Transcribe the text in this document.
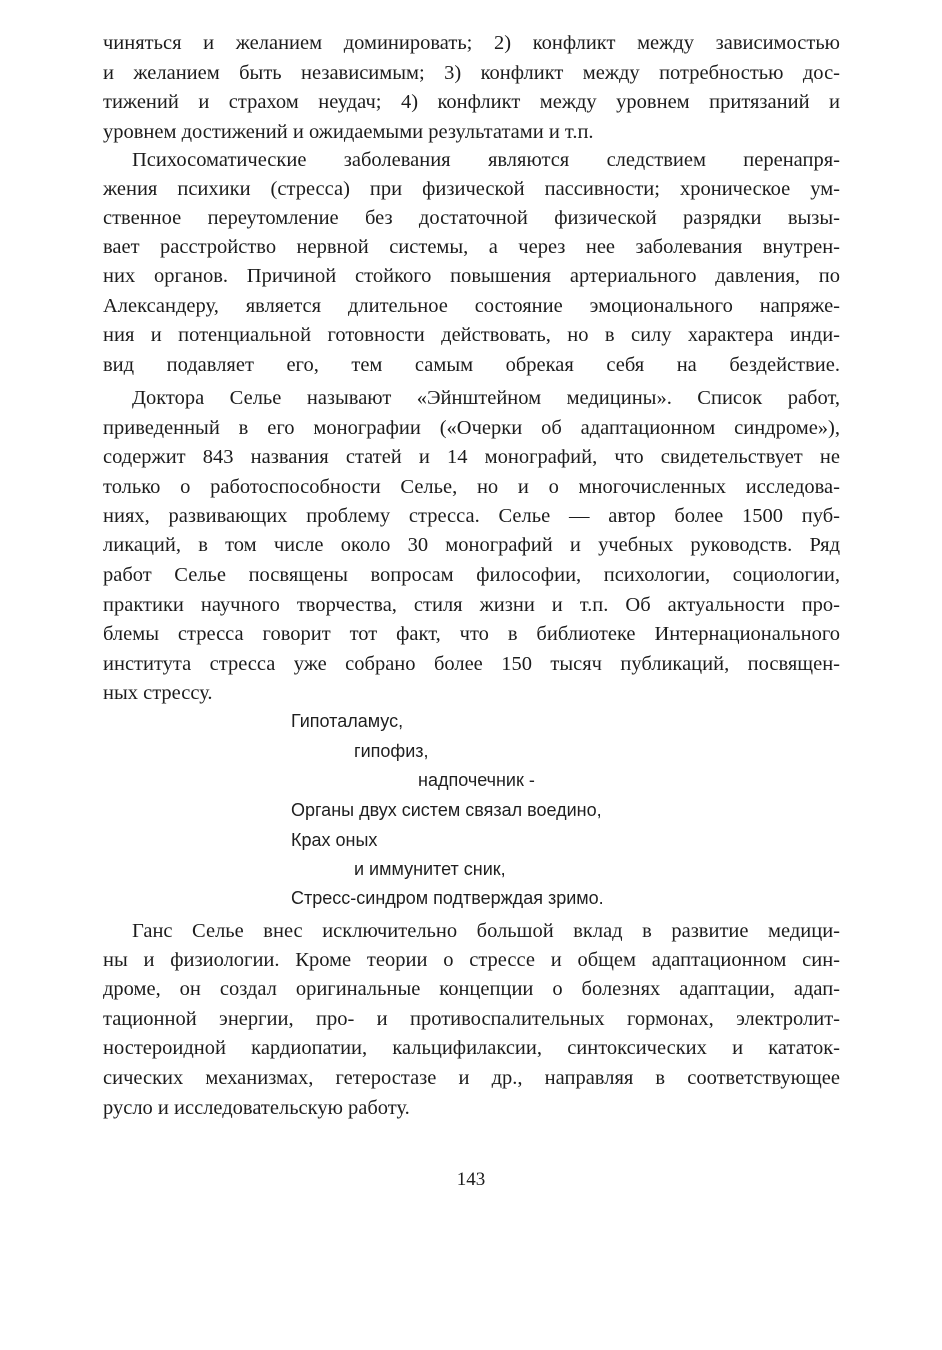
чиняться и желанием доминировать; 2) конфликт между зависимостью
и желанием быть независимым; 3) конфликт между потребностью дос-
тижений и страхом неудач; 4) конфликт между уровнем притязаний и
уровнем достижений и ожидаемыми результатами и т.п.
Психосоматические заболевания являются следствием перенапря-
жения психики (стресса) при физической пассивности; хроническое ум-
ственное переутомление без достаточной физической разрядки вызы-
вает расстройство нервной системы, а через нее заболевания внутрен-
них органов. Причиной стойкого повышения артериального давления, по
Александеру, является длительное состояние эмоционального напряже-
ния и потенциальной готовности действовать, но в силу характера инди-
вид подавляет его, тем самым обрекая себя на бездействие.
Доктора Селье называют «Эйнштейном медицины». Список работ,
приведенный в его монографии («Очерки об адаптационном синдроме»),
содержит 843 названия статей и 14 монографий, что свидетельствует не
только о работоспособности Селье, но и о многочисленных исследова-
ниях, развивающих проблему стресса. Селье — автор более 1500 пуб-
ликаций, в том числе около 30 монографий и учебных руководств. Ряд
работ Селье посвящены вопросам философии, психологии, социологии,
практики научного творчества, стиля жизни и т.п. Об актуальности про-
блемы стресса говорит тот факт, что в библиотеке Интернационального
института стресса уже собрано более 150 тысяч публикаций, посвящен-
ных стрессу.
Гипоталамус,
гипофиз,
надпочечник -
Органы двух систем связал воедино,
Крах оных
и иммунитет сник,
Стресс-синдром подтверждая зримо.
Ганс Селье внес исключительно большой вклад в развитие медици-
ны и физиологии. Кроме теории о стрессе и общем адаптационном син-
дроме, он создал оригинальные концепции о болезнях адаптации, адап-
тационной энергии, про- и противоспалительных гормонах, электролит-
ностероидной кардиопатии, кальцифилаксии, синтоксических и кататок-
сических механизмах, гетеростазе и др., направляя в соответствующее
русло и исследовательскую работу.
143
